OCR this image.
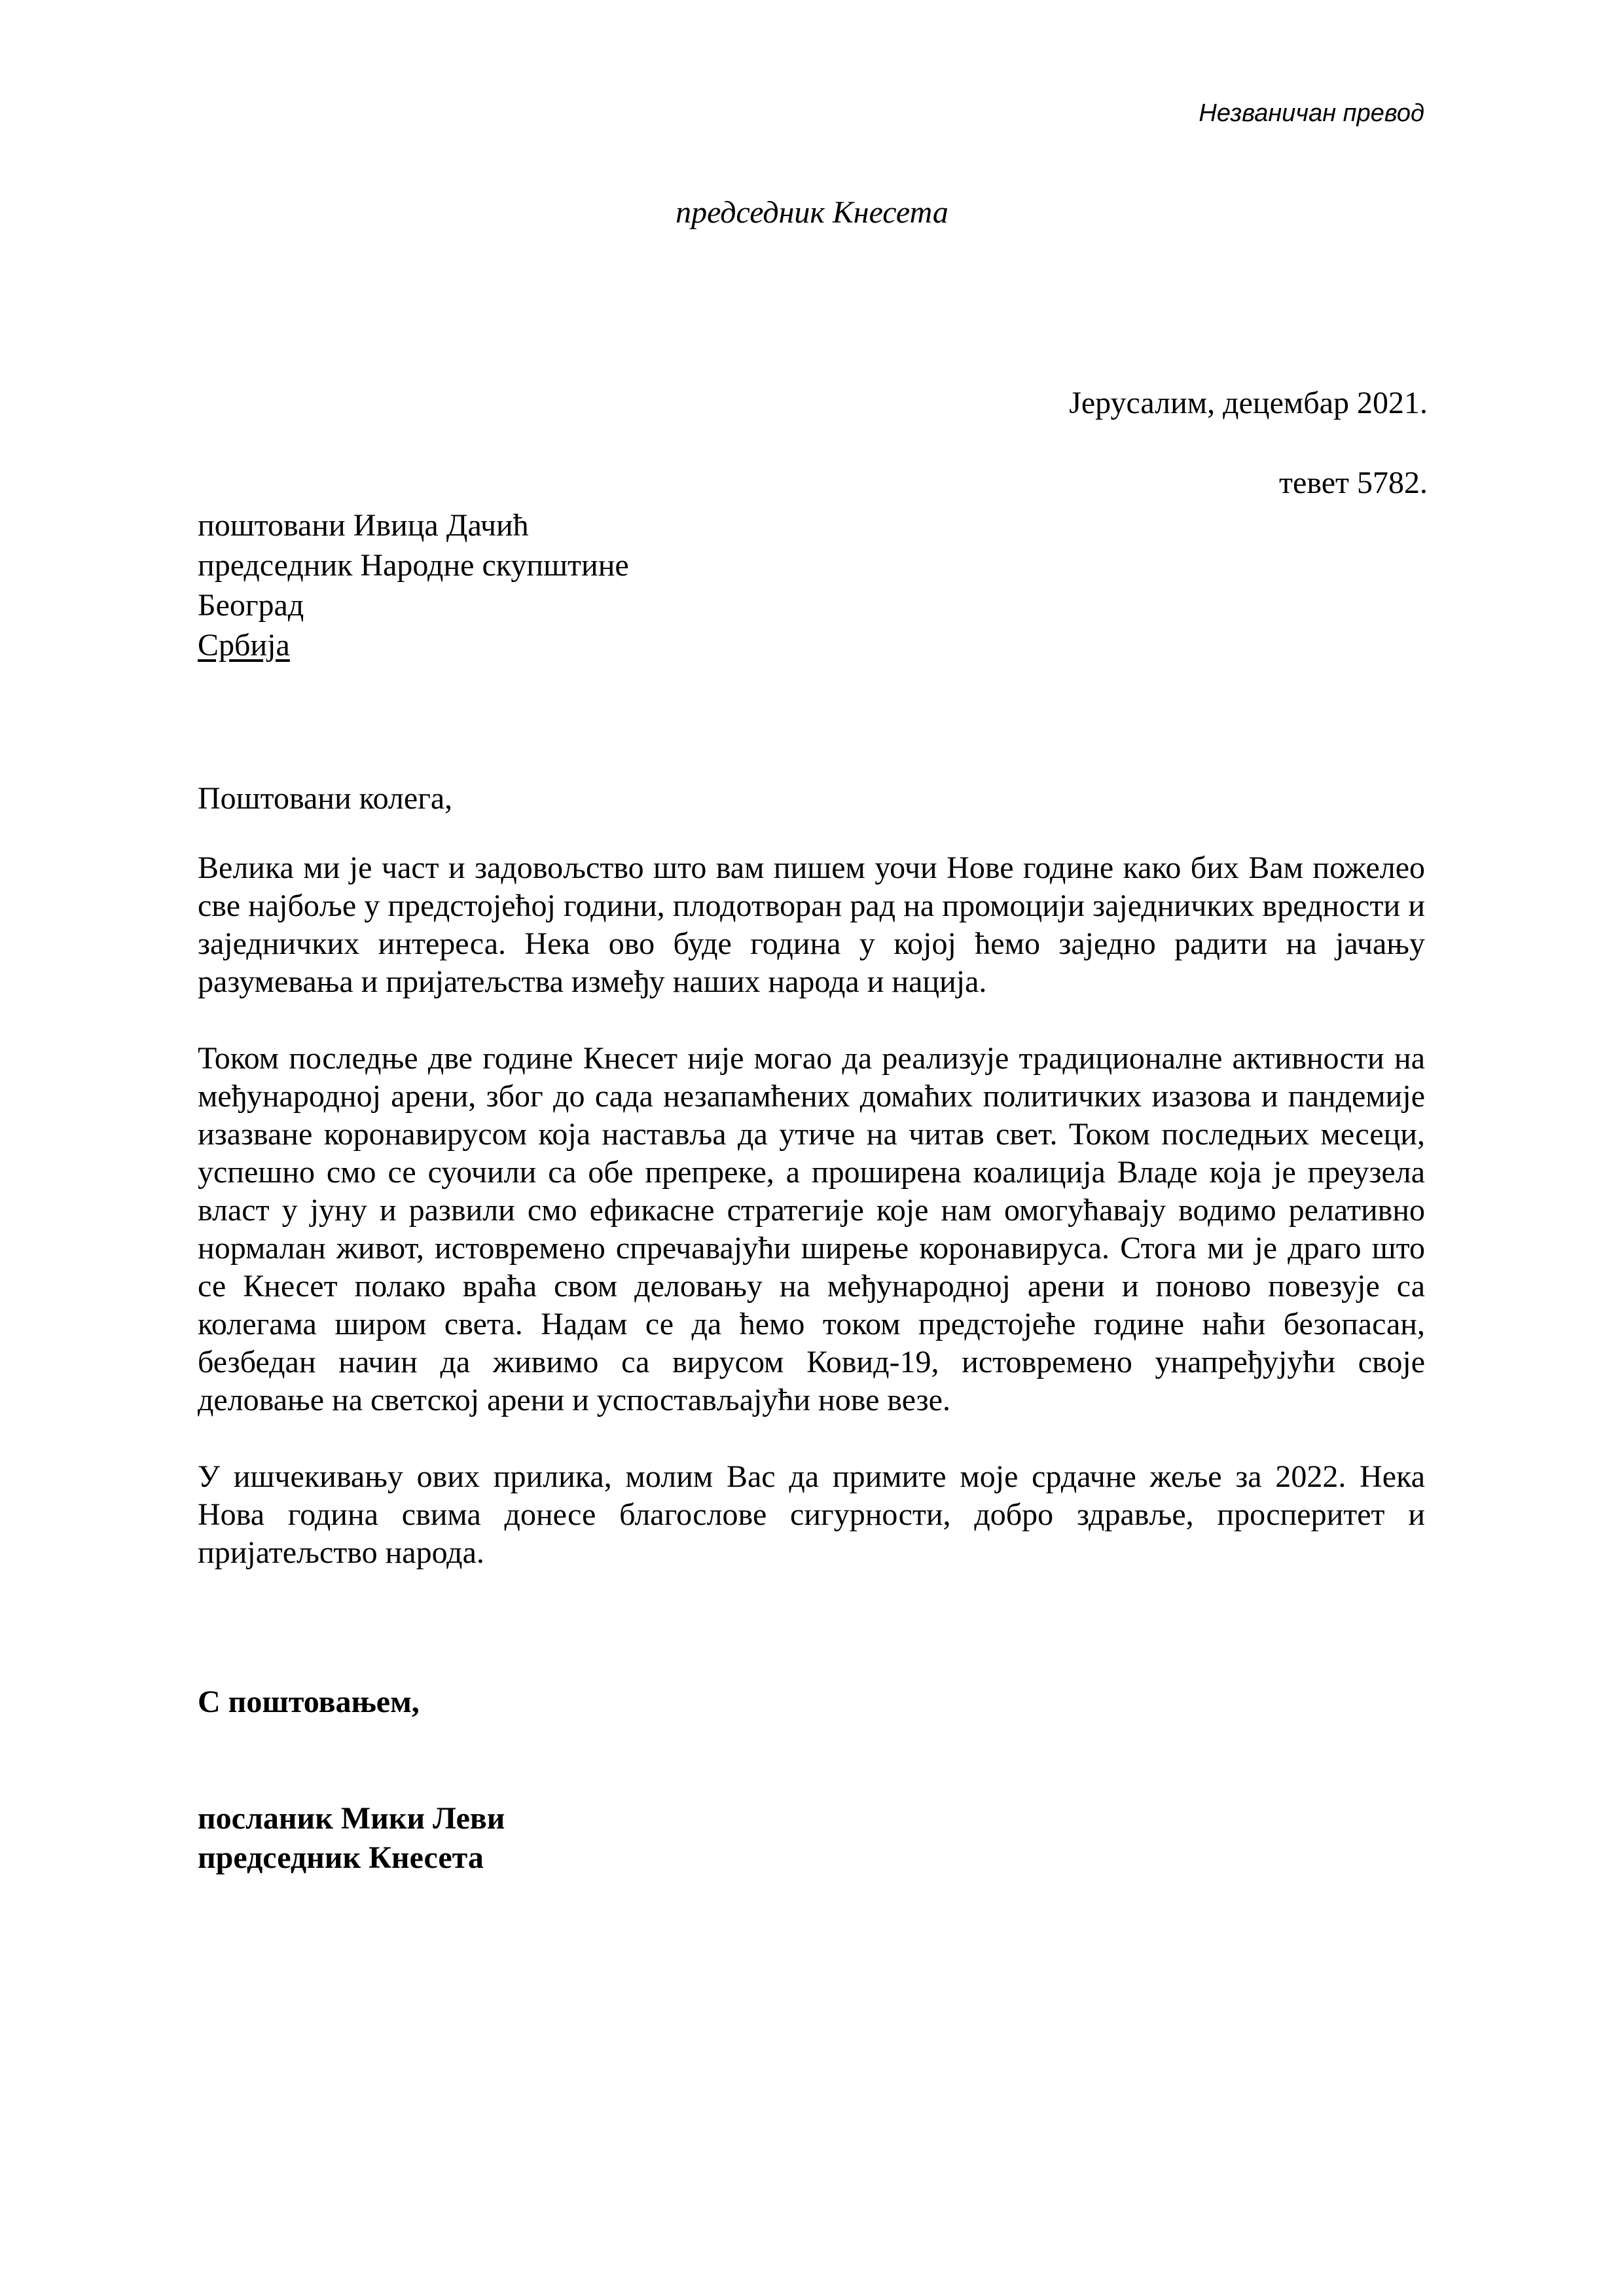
Незваничан превод
председник Кнесета
Јерусалим, децембар 2021.
тевет 5782.
поштовани Ивица Дачић
председник Народне скупштине
Београд
Србија
Поштовани колега,

Велика ми је част и задовољство што вам пишем уочи Нове године како бих Вам пожелео све најбоље у предстојећој години, плодотворан рад на промоцији заједничких вредности и заједничких интереса. Нека ово буде година у којој ћемо заједно радити на јачању разумевања и пријатељства између наших народа и нација.

Током последње две године Кнесет није могао да реализује традиционалне активности на међународној арени, због до сада незапамћених домаћих политичких изазова и пандемије изазване коронавирусом која наставља да утиче на читав свет. Током последњих месеци, успешно смо се суочили са обе препреке, а проширена коалиција Владе која је преузела власт у јуну и развили смо ефикасне стратегије које нам омогућавају водимо релативно нормалан живот, истовремено спречавајући ширење коронавируса. Стога ми је драго што се Кнесет полако враћа свом деловању на међународној арени и поново повезује са колегама широм света. Надам се да ћемо током предстојеће године наћи безопасан, безбедан начин да живимо са вирусом Ковид-19, истовремено унапређујући своје деловање на светској арени и успостављајући нове везе.

У ишчекивању ових прилика, молим Вас да примите моје срдачне жеље за 2022. Нека Нова година свима донесе благослове сигурности, добро здравље, просперитет и пријатељство народа.

С поштовањем,
посланик Мики Леви
председник Кнесета
